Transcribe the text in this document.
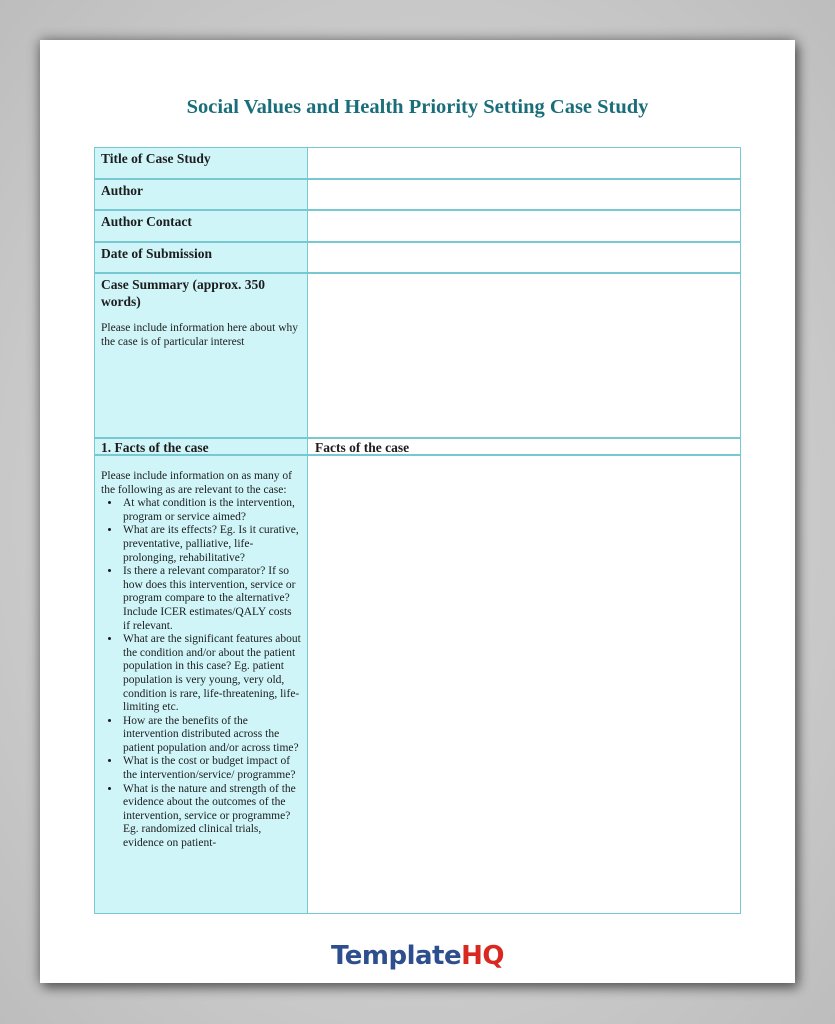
Social Values and Health Priority Setting Case Study
Title of Case Study
Author
Author Contact
Date of Submission
Case Summary (approx. 350 words)
Please include information here about why the case is of particular interest
1. Facts of the case	Facts of the case
Please include information on as many of the following as are relevant to the case:
• At what condition is the intervention, program or service aimed?
• What are its effects? Eg. Is it curative, preventative, palliative, life-prolonging, rehabilitative?
• Is there a relevant comparator? If so how does this intervention, service or program compare to the alternative? Include ICER estimates/QALY costs if relevant.
• What are the significant features about the condition and/or about the patient population in this case? Eg. patient population is very young, very old, condition is rare, life-threatening, life-limiting etc.
• How are the benefits of the intervention distributed across the patient population and/or across time?
• What is the cost or budget impact of the intervention/service/ programme?
• What is the nature and strength of the evidence about the outcomes of the intervention, service or programme? Eg. randomized clinical trials, evidence on patient-
TemplateHQ
